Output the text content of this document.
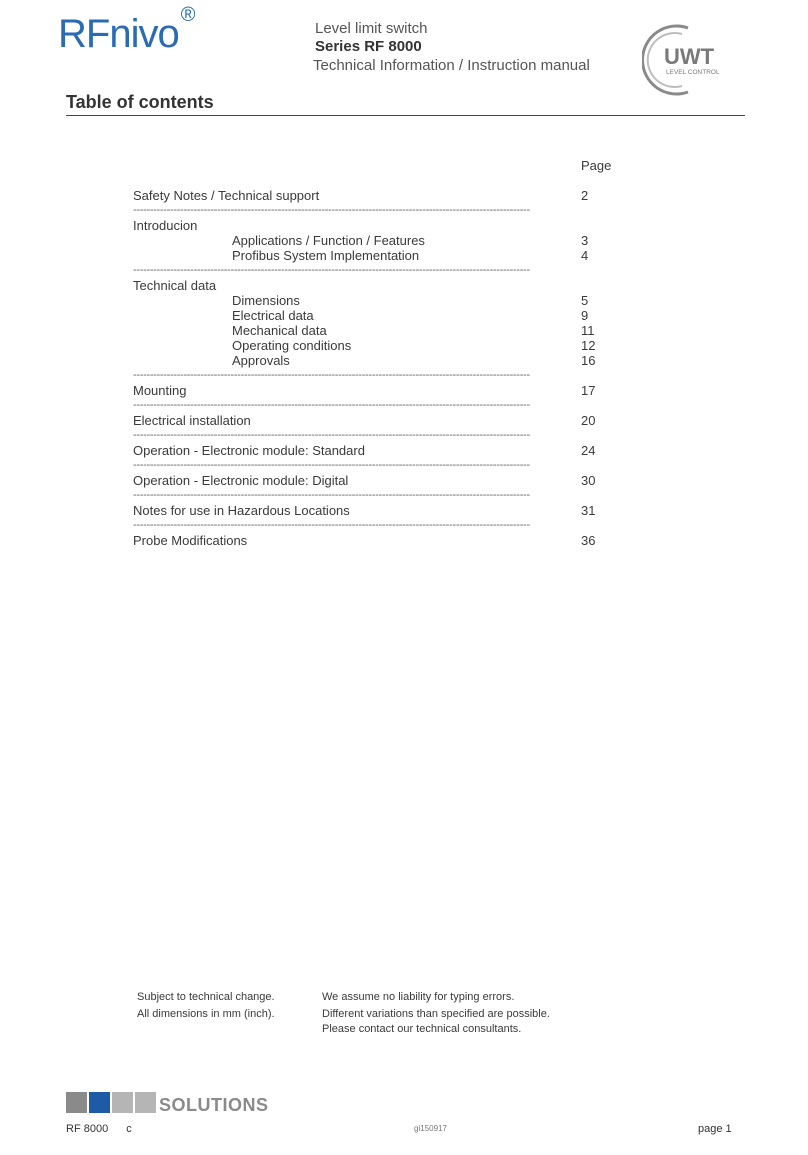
RFnivo ®
Level limit switch
Series RF 8000
Technical Information / Instruction manual	UWT
LEVEL CONTROL
Table of contents
Page
Safety Notes / Technical support	2
----------------------------------------------------------------------------------------------------------------------
Introducion
Applications / Function / Features	3
Profibus System Implementation	4
----------------------------------------------------------------------------------------------------------------------
Technical data
Dimensions	5
Electrical data	9
Mechanical data	11
Operating conditions	12
Approvals	16
----------------------------------------------------------------------------------------------------------------------
Mounting	17
----------------------------------------------------------------------------------------------------------------------
Electrical installation	20
----------------------------------------------------------------------------------------------------------------------
Operation - Electronic module: Standard	24
----------------------------------------------------------------------------------------------------------------------
Operation - Electronic module: Digital	30
----------------------------------------------------------------------------------------------------------------------
Notes for use in Hazardous Locations	31
----------------------------------------------------------------------------------------------------------------------
Probe Modifications	36
Subject to technical change.
All dimensions in mm (inch).
We assume no liability for typing errors.
Different variations than specified are possible.
Please contact our technical consultants.
SOLUTIONS
RF 8000 c	gi150917	page 1
